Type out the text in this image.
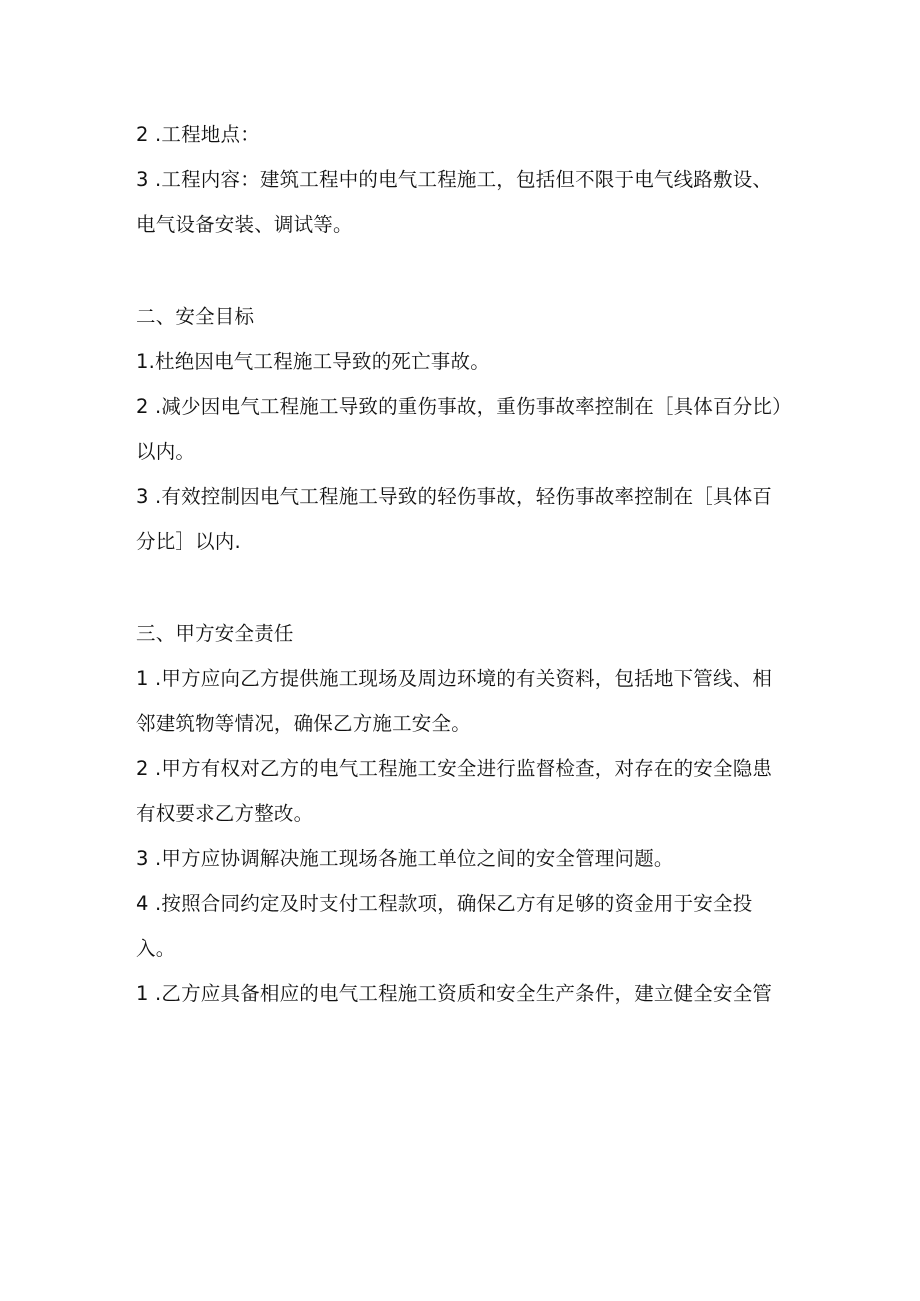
2 .工程地点：

3 .工程内容：建筑工程中的电气工程施工，包括但不限于电气线路敷设、电气设备安装、调试等。

二、安全目标

1.杜绝因电气工程施工导致的死亡事故。

2 .减少因电气工程施工导致的重伤事故，重伤事故率控制在［具体百分比）以内。

3 .有效控制因电气工程施工导致的轻伤事故，轻伤事故率控制在［具体百分比］以内.

三、甲方安全责任

1 .甲方应向乙方提供施工现场及周边环境的有关资料，包括地下管线、相邻建筑物等情况，确保乙方施工安全。

2 .甲方有权对乙方的电气工程施工安全进行监督检查，对存在的安全隐患有权要求乙方整改。

3 .甲方应协调解决施工现场各施工单位之间的安全管理问题。

4 .按照合同约定及时支付工程款项，确保乙方有足够的资金用于安全投入。

1 .乙方应具备相应的电气工程施工资质和安全生产条件，建立健全安全管
